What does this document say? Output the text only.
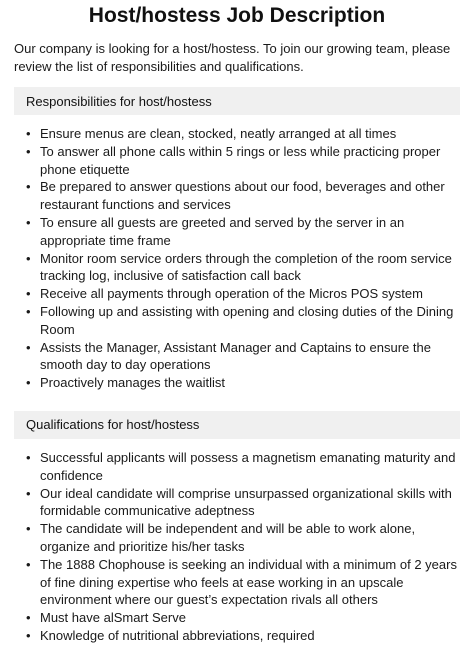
Host/hostess Job Description

Our company is looking for a host/hostess. To join our growing team, please review the list of responsibilities and qualifications.

Responsibilities for host/hostess
• Ensure menus are clean, stocked, neatly arranged at all times
• To answer all phone calls within 5 rings or less while practicing proper phone etiquette
• Be prepared to answer questions about our food, beverages and other restaurant functions and services
• To ensure all guests are greeted and served by the server in an appropriate time frame
• Monitor room service orders through the completion of the room service tracking log, inclusive of satisfaction call back
• Receive all payments through operation of the Micros POS system
• Following up and assisting with opening and closing duties of the Dining Room
• Assists the Manager, Assistant Manager and Captains to ensure the smooth day to day operations
• Proactively manages the waitlist
Qualifications for host/hostess
• Successful applicants will possess a magnetism emanating maturity and confidence
• Our ideal candidate will comprise unsurpassed organizational skills with formidable communicative adeptness
• The candidate will be independent and will be able to work alone, organize and prioritize his/her tasks
• The 1888 Chophouse is seeking an individual with a minimum of 2 years of fine dining expertise who feels at ease working in an upscale environment where our guest’s expectation rivals all others
• Must have alSmart Serve
• Knowledge of nutritional abbreviations, required
